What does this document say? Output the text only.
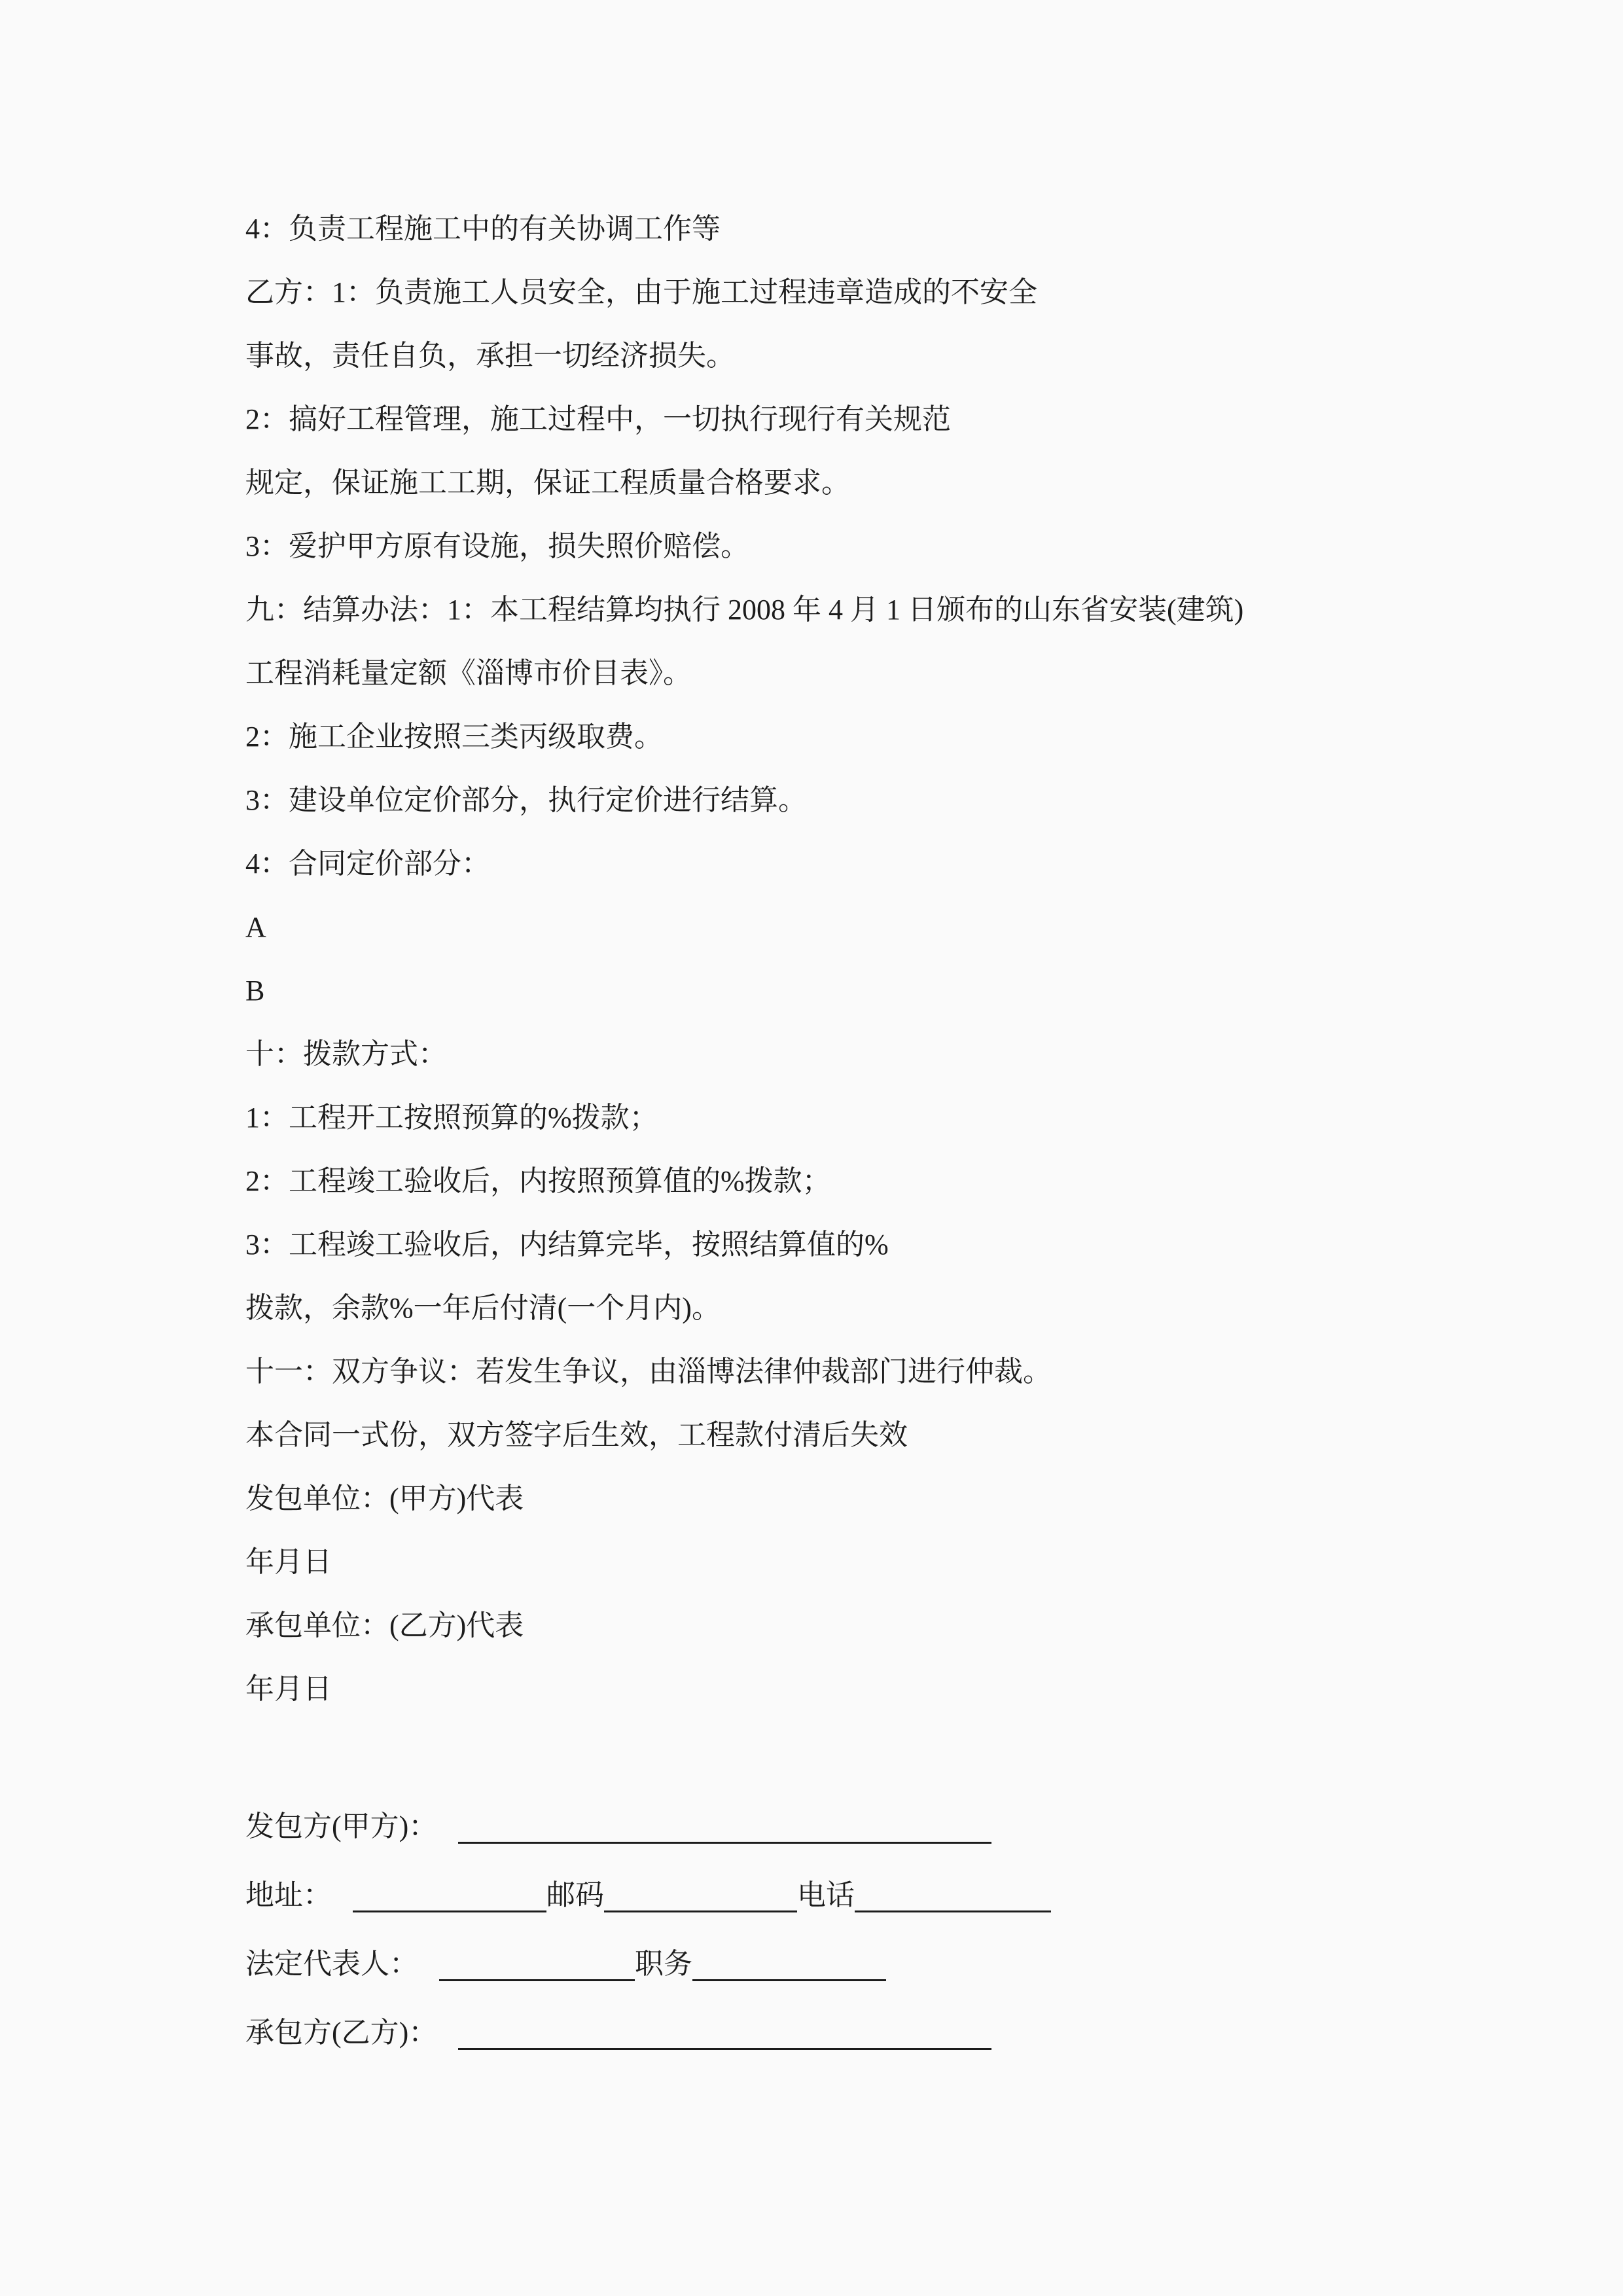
4：负责工程施工中的有关协调工作等
乙方：1：负责施工人员安全，由于施工过程违章造成的不安全
事故，责任自负，承担一切经济损失。
2：搞好工程管理，施工过程中，一切执行现行有关规范
规定，保证施工工期，保证工程质量合格要求。
3：爱护甲方原有设施，损失照价赔偿。
九：结算办法：1：本工程结算均执行 2008 年 4 月 1 日颁布的山东省安装(建筑)
工程消耗量定额《淄博市价目表》。
2：施工企业按照三类丙级取费。
3：建设单位定价部分，执行定价进行结算。
4：合同定价部分：
A
B
十：拨款方式：
1：工程开工按照预算的%拨款；
2：工程竣工验收后，内按照预算值的%拨款；
3：工程竣工验收后，内结算完毕，按照结算值的%
拨款，余款%一年后付清(一个月内)。
十一：双方争议：若发生争议，由淄博法律仲裁部门进行仲裁。
本合同一式份，双方签字后生效，工程款付清后失效
发包单位：(甲方)代表
年月日
承包单位：(乙方)代表
年月日
发包方(甲方)：
地址：	邮码	电话
法定代表人：	职务
承包方(乙方)：
